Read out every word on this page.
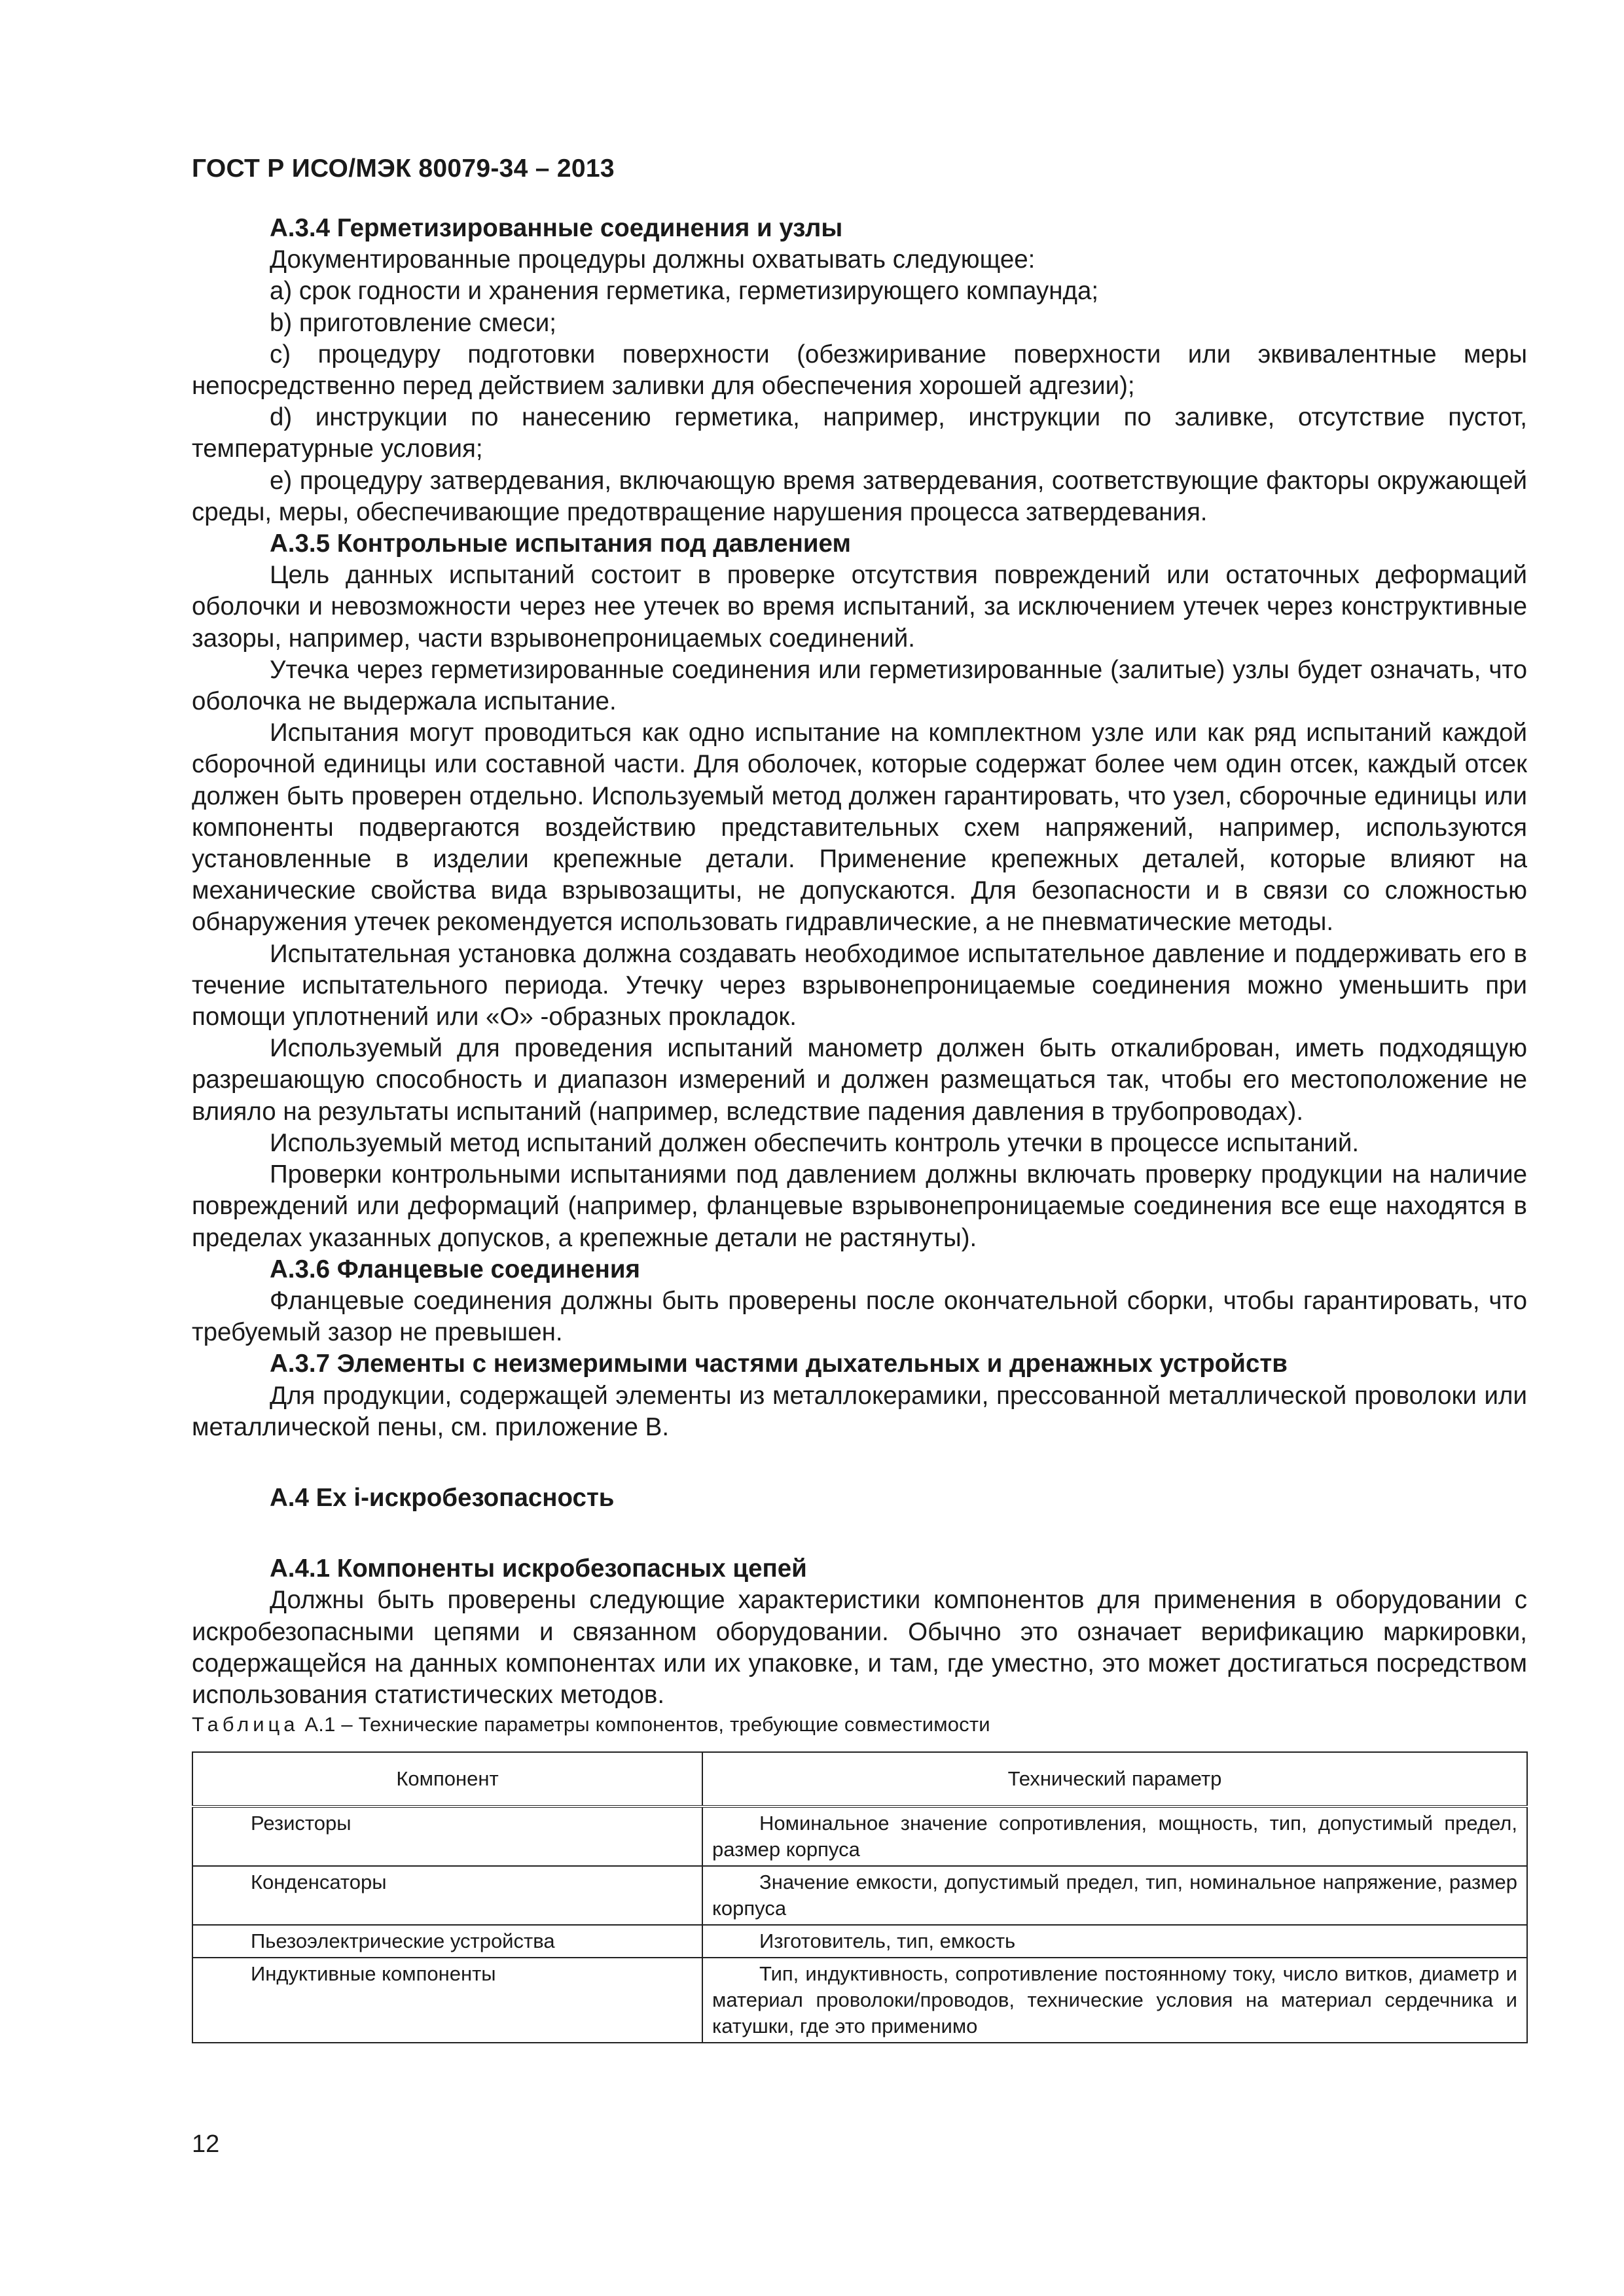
ГОСТ Р ИСО/МЭК 80079-34 – 2013

А.3.4 Герметизированные соединения и узлы

Документированные процедуры должны охватывать следующее:

а) срок годности и хранения герметика, герметизирующего компаунда;

b) приготовление смеси;

с) процедуру подготовки поверхности (обезжиривание поверхности или эквивалентные меры непосредственно перед действием заливки для обеспечения хорошей адгезии);

d) инструкции по нанесению герметика, например, инструкции по заливке, отсутствие пустот, температурные условия;

е) процедуру затвердевания, включающую время затвердевания, соответствующие факторы окружающей среды, меры, обеспечивающие предотвращение нарушения процесса затвердевания.

А.3.5 Контрольные испытания под давлением

Цель данных испытаний состоит в проверке отсутствия повреждений или остаточных деформаций оболочки и невозможности через нее утечек во время испытаний, за исключением утечек через конструктивные зазоры, например, части взрывонепроницаемых соединений.

Утечка через герметизированные соединения или герметизированные (залитые) узлы будет означать, что оболочка не выдержала испытание.

Испытания могут проводиться как одно испытание на комплектном узле или как ряд испытаний каждой сборочной единицы или составной части. Для оболочек, которые содержат более чем один отсек, каждый отсек должен быть проверен отдельно. Используемый метод должен гарантировать, что узел, сборочные единицы или компоненты подвергаются воздействию представительных схем напряжений, например, используются установленные в изделии крепежные детали. Применение крепежных деталей, которые влияют на механические свойства вида взрывозащиты, не допускаются. Для безопасности и в связи со сложностью обнаружения утечек рекомендуется использовать гидравлические, а не пневматические методы.

Испытательная установка должна создавать необходимое испытательное давление и поддерживать его в течение испытательного периода. Утечку через взрывонепроницаемые соединения можно уменьшить при помощи уплотнений или «О» -образных прокладок.

Используемый для проведения испытаний манометр должен быть откалиброван, иметь подходящую разрешающую способность и диапазон измерений и должен размещаться так, чтобы его местоположение не влияло на результаты испытаний (например, вследствие падения давления в трубопроводах).

Используемый метод испытаний должен обеспечить контроль утечки в процессе испытаний.

Проверки контрольными испытаниями под давлением должны включать проверку продукции на наличие повреждений или деформаций (например, фланцевые взрывонепроницаемые соединения все еще находятся в пределах указанных допусков, а крепежные детали не растянуты).

А.3.6 Фланцевые соединения

Фланцевые соединения должны быть проверены после окончательной сборки, чтобы гарантировать, что требуемый зазор не превышен.

А.3.7 Элементы с неизмеримыми частями дыхательных и дренажных устройств

Для продукции, содержащей элементы из металлокерамики, прессованной металлической проволоки или металлической пены, см. приложение В.

А.4 Ex i-искробезопасность

А.4.1 Компоненты искробезопасных цепей

Должны быть проверены следующие характеристики компонентов для применения в оборудовании с искробезопасными цепями и связанном оборудовании. Обычно это означает верификацию маркировки, содержащейся на данных компонентах или их упаковке, и там, где уместно, это может достигаться посредством использования статистических методов.

Таблица А.1 – Технические параметры компонентов, требующие совместимости

Компонент	Технический параметр
Резисторы	Номинальное значение сопротивления, мощность, тип, допустимый предел, размер корпуса
Конденсаторы	Значение емкости, допустимый предел, тип, номинальное напряжение, размер корпуса
Пьезоэлектрические устройства	Изготовитель, тип, емкость
Индуктивные компоненты	Тип, индуктивность, сопротивление постоянному току, число витков, диаметр и материал проволоки/проводов, технические условия на материал сердечника и катушки, где это применимо
12
